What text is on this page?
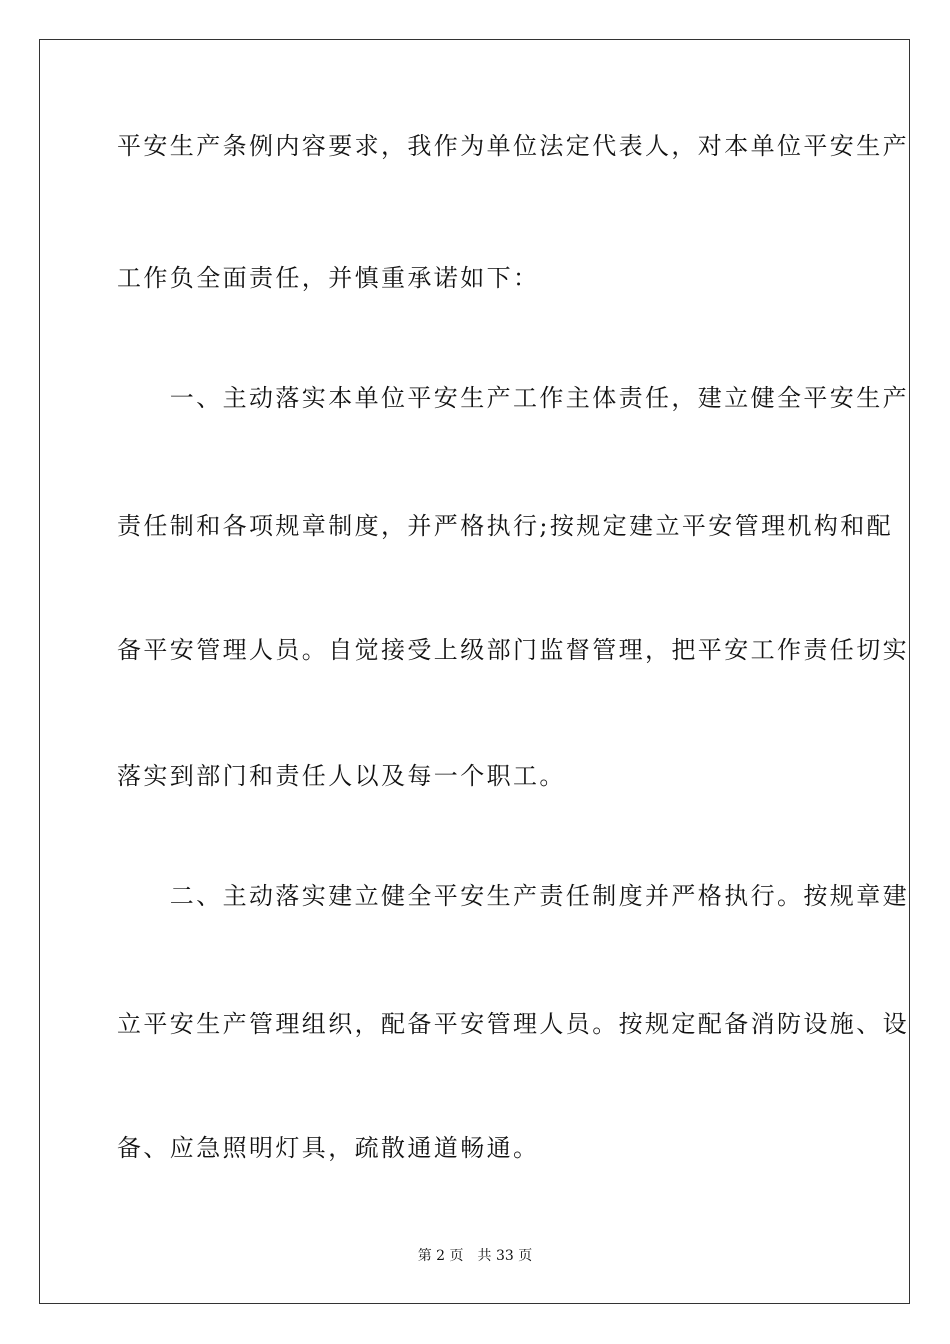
平安生产条例内容要求，我作为单位法定代表人，对本单位平安生产
工作负全面责任，并慎重承诺如下：
　　一、主动落实本单位平安生产工作主体责任，建立健全平安生产
责任制和各项规章制度，并严格执行;按规定建立平安管理机构和配
备平安管理人员。自觉接受上级部门监督管理，把平安工作责任切实
落实到部门和责任人以及每一个职工。
　　二、主动落实建立健全平安生产责任制度并严格执行。按规章建
立平安生产管理组织，配备平安管理人员。按规定配备消防设施、设
备、应急照明灯具，疏散通道畅通。
第 2 页　共 33 页
